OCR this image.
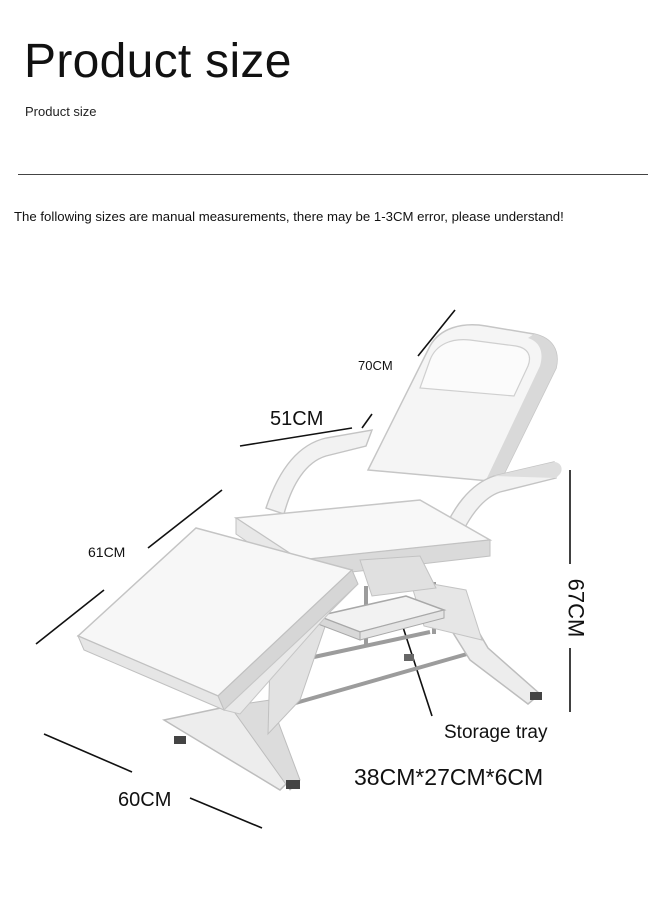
Product size
Product size
The following sizes are manual measurements, there may be 1-3CM error, please understand!
70CM
51CM
61CM
60CM
67CM
Storage tray
38CM*27CM*6CM
